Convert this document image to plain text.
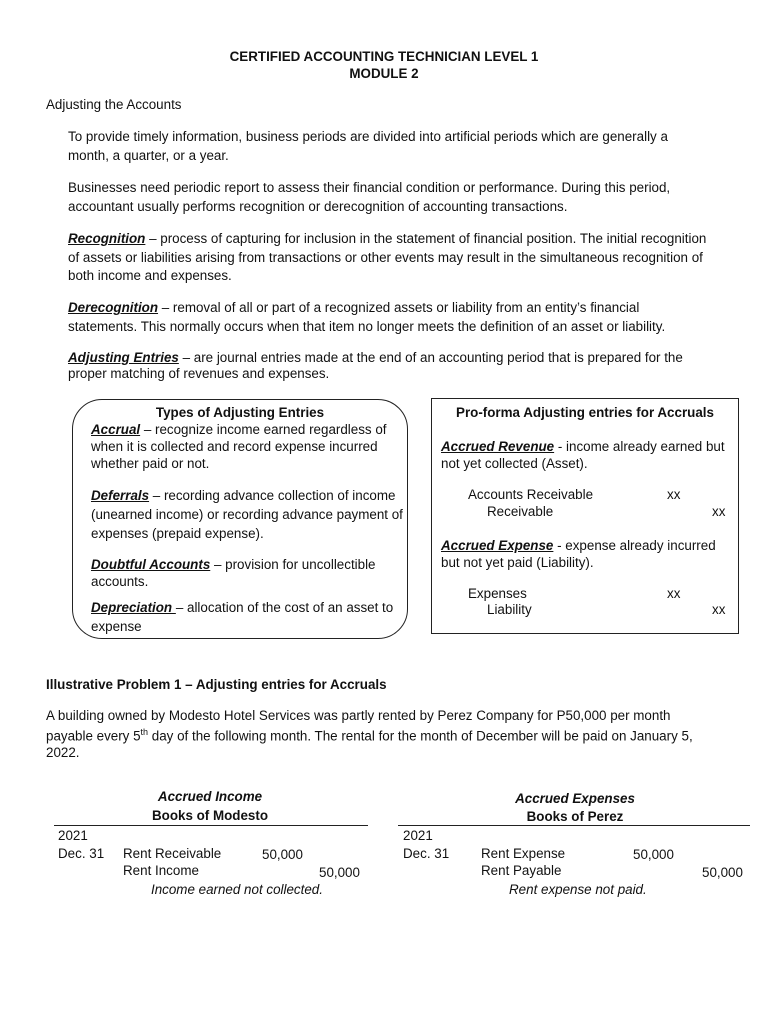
CERTIFIED ACCOUNTING TECHNICIAN LEVEL 1
MODULE 2
Adjusting the Accounts

To provide timely information, business periods are divided into artificial periods which are generally a month, a quarter, or a year.

Businesses need periodic report to assess their financial condition or performance. During this period, accountant usually performs recognition or derecognition of accounting transactions.

Recognition – process of capturing for inclusion in the statement of financial position. The initial recognition of assets or liabilities arising from transactions or other events may result in the simultaneous recognition of both income and expenses.

Derecognition – removal of all or part of a recognized assets or liability from an entity’s financial statements. This normally occurs when that item no longer meets the definition of an asset or liability.

Adjusting Entries – are journal entries made at the end of an accounting period that is prepared for the proper matching of revenues and expenses.

Types of Adjusting Entries

Accrual – recognize income earned regardless of when it is collected and record expense incurred whether paid or not.

Deferrals – recording advance collection of income (unearned income) or recording advance payment of expenses (prepaid expense).

Doubtful Accounts – provision for uncollectible accounts.

Depreciation – allocation of the cost of an asset to expense

Pro-forma Adjusting entries for Accruals

Accrued Revenue - income already earned but not yet collected (Asset).

Accounts Receivable	xx
Receivable	xx

Accrued Expense - expense already incurred but not yet paid (Liability).

Expenses	xx
Liability	xx
Illustrative Problem 1 – Adjusting entries for Accruals

A building owned by Modesto Hotel Services was partly rented by Perez Company for P50,000 per month payable every 5th day of the following month. The rental for the month of December will be paid on January 5, 2022.

Accrued Income
Books of Modesto
2021
Dec. 31 Rent Receivable	50,000
Rent Income	50,000
Income earned not collected.
Accrued Expenses
Books of Perez
2021
Dec. 31 Rent Expense	50,000
Rent Payable	50,000
Rent expense not paid.
